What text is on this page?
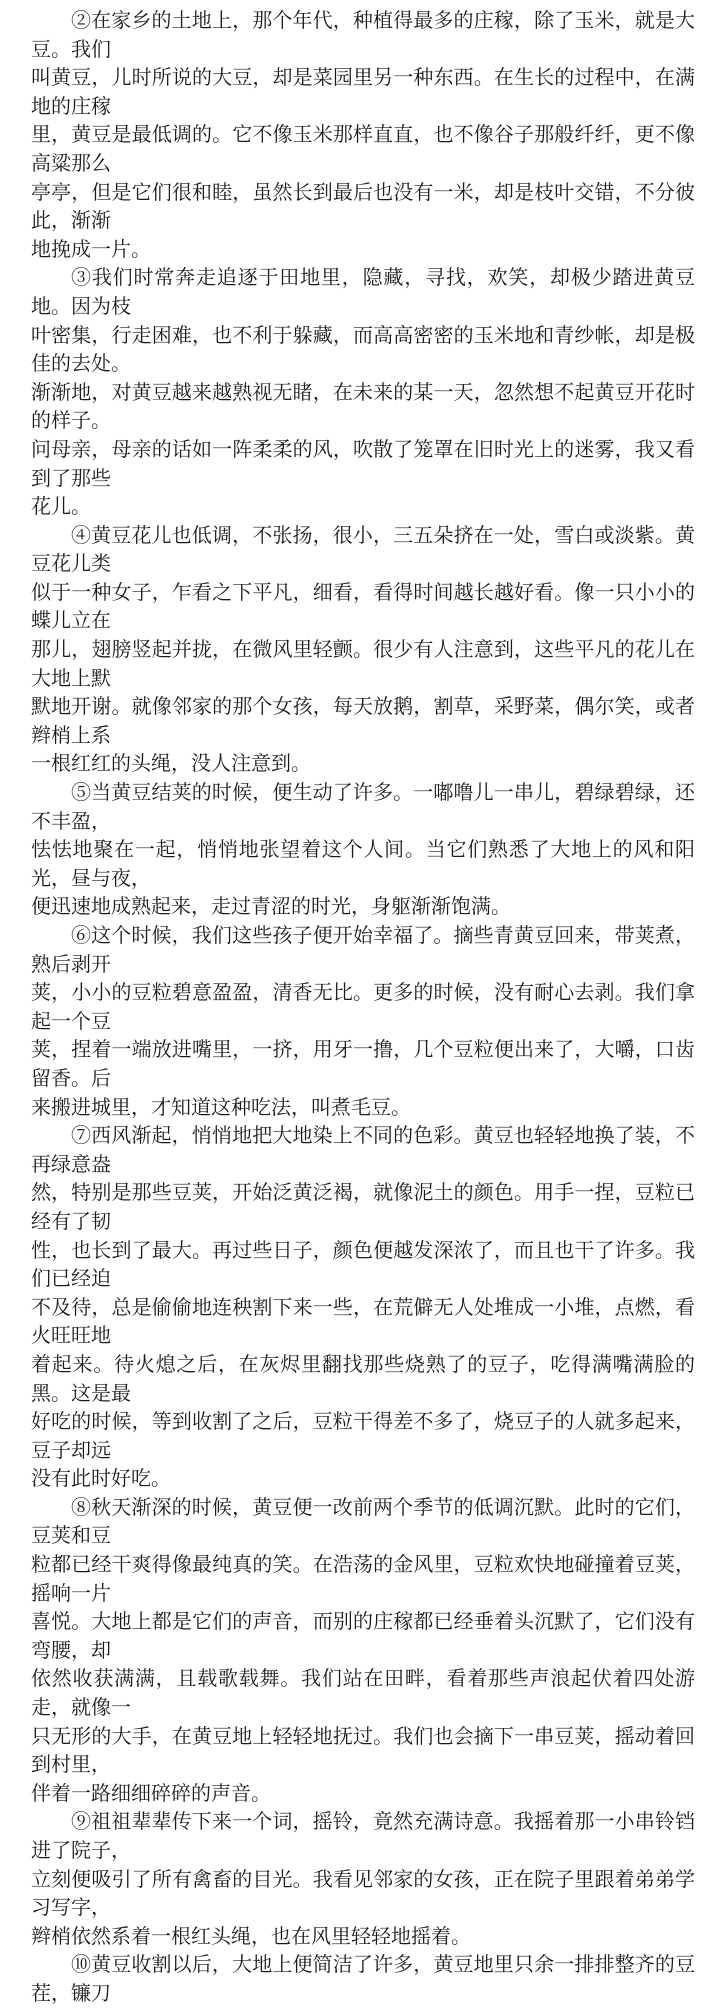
②在家乡的土地上，那个年代，种植得最多的庄稼，除了玉米，就是大豆。我们
叫黄豆，儿时所说的大豆，却是菜园里另一种东西。在生长的过程中，在满地的庄稼
里，黄豆是最低调的。它不像玉米那样直直，也不像谷子那般纤纤，更不像高粱那么
亭亭，但是它们很和睦，虽然长到最后也没有一米，却是枝叶交错，不分彼此，渐渐
地挽成一片。

③我们时常奔走追逐于田地里，隐藏，寻找，欢笑，却极少踏进黄豆地。因为枝
叶密集，行走困难，也不利于躲藏，而高高密密的玉米地和青纱帐，却是极佳的去处。
渐渐地，对黄豆越来越熟视无睹，在未来的某一天，忽然想不起黄豆开花时的样子。
问母亲，母亲的话如一阵柔柔的风，吹散了笼罩在旧时光上的迷雾，我又看到了那些
花儿。

④黄豆花儿也低调，不张扬，很小，三五朵挤在一处，雪白或淡紫。黄豆花儿类
似于一种女子，乍看之下平凡，细看，看得时间越长越好看。像一只小小的蝶儿立在
那儿，翅膀竖起并拢，在微风里轻颤。很少有人注意到，这些平凡的花儿在大地上默
默地开谢。就像邻家的那个女孩，每天放鹅，割草，采野菜，偶尔笑，或者辫梢上系
一根红红的头绳，没人注意到。

⑤当黄豆结荚的时候，便生动了许多。一嘟噜儿一串儿，碧绿碧绿，还不丰盈，
怯怯地聚在一起，悄悄地张望着这个人间。当它们熟悉了大地上的风和阳光，昼与夜，
便迅速地成熟起来，走过青涩的时光，身躯渐渐饱满。

⑥这个时候，我们这些孩子便开始幸福了。摘些青黄豆回来，带荚煮，熟后剥开
荚，小小的豆粒碧意盈盈，清香无比。更多的时候，没有耐心去剥。我们拿起一个豆
荚，捏着一端放进嘴里，一挤，用牙一撸，几个豆粒便出来了，大嚼，口齿留香。后
来搬进城里，才知道这种吃法，叫煮毛豆。

⑦西风渐起，悄悄地把大地染上不同的色彩。黄豆也轻轻地换了装，不再绿意盎
然，特别是那些豆荚，开始泛黄泛褐，就像泥土的颜色。用手一捏，豆粒已经有了韧
性，也长到了最大。再过些日子，颜色便越发深浓了，而且也干了许多。我们已经迫
不及待，总是偷偷地连秧割下来一些，在荒僻无人处堆成一小堆，点燃，看火旺旺地
着起来。待火熄之后，在灰烬里翻找那些烧熟了的豆子，吃得满嘴满脸的黑。这是最
好吃的时候，等到收割了之后，豆粒干得差不多了，烧豆子的人就多起来，豆子却远
没有此时好吃。

⑧秋天渐深的时候，黄豆便一改前两个季节的低调沉默。此时的它们，豆荚和豆
粒都已经干爽得像最纯真的笑。在浩荡的金风里，豆粒欢快地碰撞着豆荚，摇响一片
喜悦。大地上都是它们的声音，而别的庄稼都已经垂着头沉默了，它们没有弯腰，却
依然收获满满，且载歌载舞。我们站在田畔，看着那些声浪起伏着四处游走，就像一
只无形的大手，在黄豆地上轻轻地抚过。我们也会摘下一串豆荚，摇动着回到村里，
伴着一路细细碎碎的声音。

⑨祖祖辈辈传下来一个词，摇铃，竟然充满诗意。我摇着那一小串铃铛进了院子，
立刻便吸引了所有禽畜的目光。我看见邻家的女孩，正在院子里跟着弟弟学习写字，
辫梢依然系着一根红头绳，也在风里轻轻地摇着。

⑩黄豆收割以后，大地上便简洁了许多，黄豆地里只余一排排整齐的豆茬，镰刀
